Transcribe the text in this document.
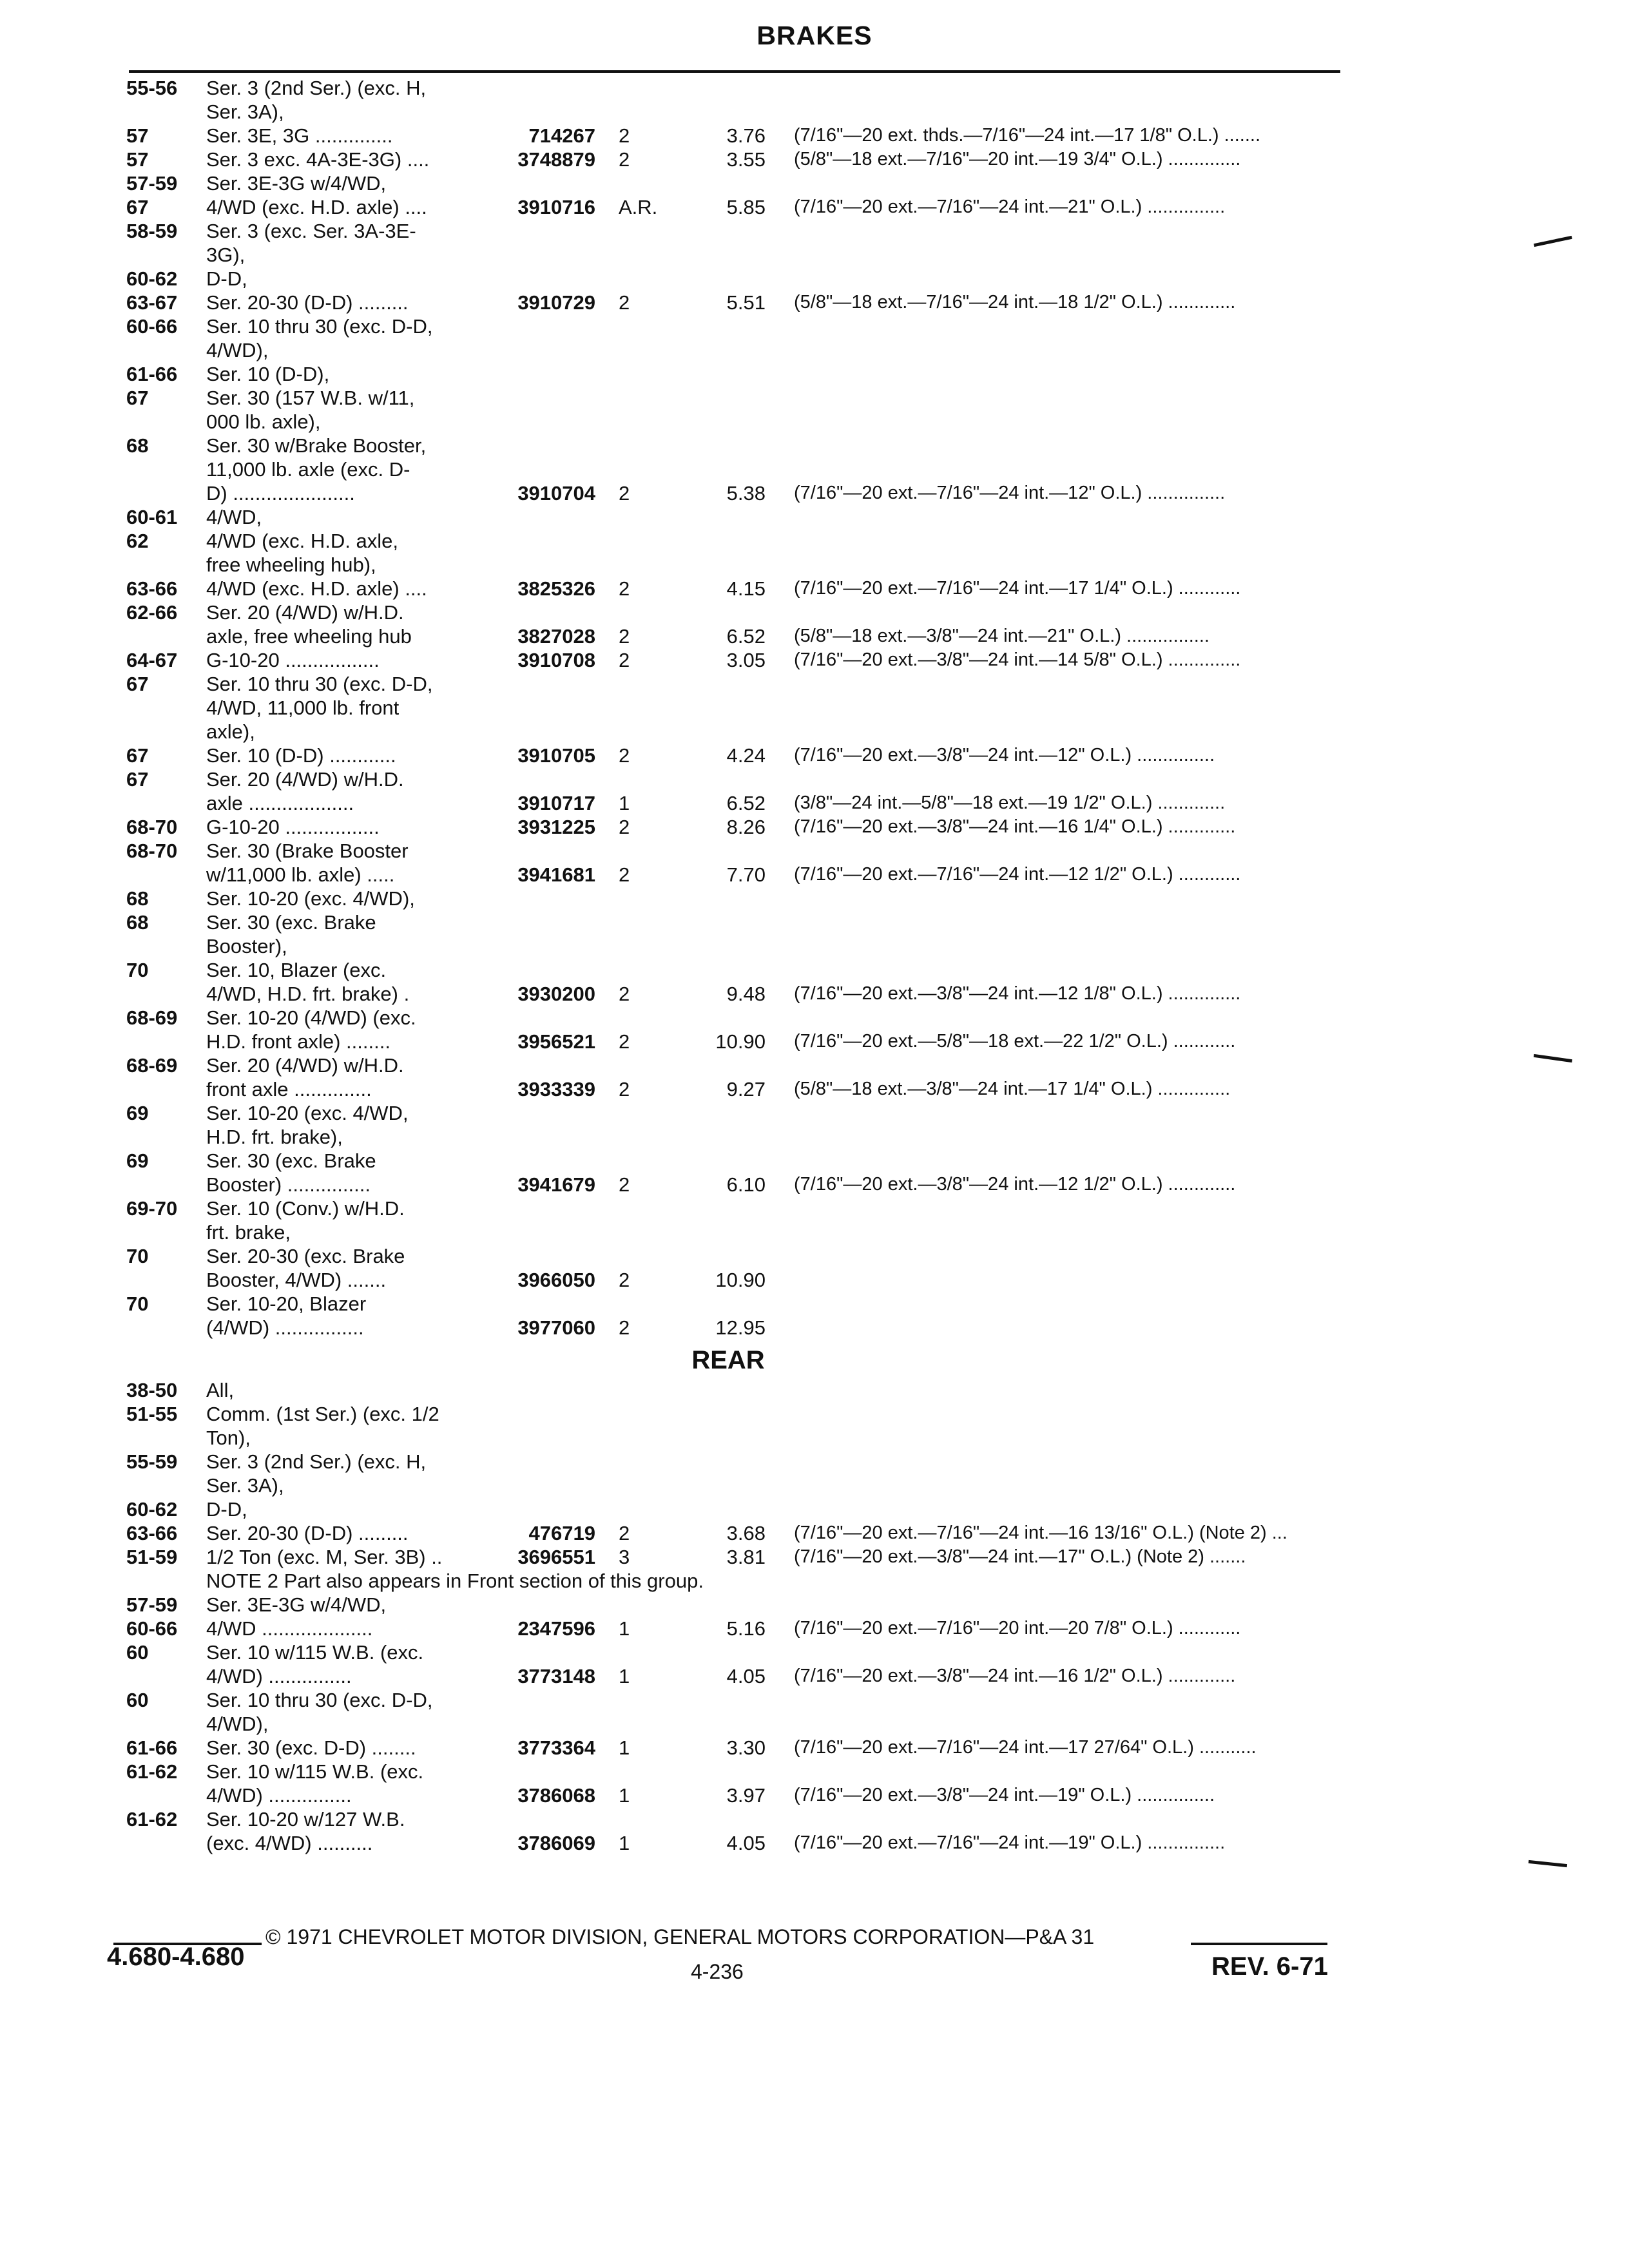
BRAKES
55-56 Ser. 3 (2nd Ser.) (exc. H,
Ser. 3A),
57	Ser. 3E, 3G ..............	714267 2	3.76 (7/16"—20 ext. thds.—7/16"—24 int.—17 1/8" O.L.) .......
57	Ser. 3 exc. 4A-3E-3G) ....	3748879 2	3.55 (5/8"—18 ext.—7/16"—20 int.—19 3/4" O.L.) ..............
57-59 Ser. 3E-3G w/4/WD,
67	4/WD (exc. H.D. axle) ....	3910716 A.R.	5.85 (7/16"—20 ext.—7/16"—24 int.—21" O.L.) ...............
58-59 Ser. 3 (exc. Ser. 3A-3E-
3G),
60-62 D-D,
63-67 Ser. 20-30 (D-D) .........	3910729 2	5.51 (5/8"—18 ext.—7/16"—24 int.—18 1/2" O.L.) .............
60-66 Ser. 10 thru 30 (exc. D-D,
4/WD),
61-66 Ser. 10 (D-D),
67	Ser. 30 (157 W.B. w/11,
000 lb. axle),
68	Ser. 30 w/Brake Booster,
11,000 lb. axle (exc. D-
D) ......................	3910704 2	5.38 (7/16"—20 ext.—7/16"—24 int.—12" O.L.) ...............
60-61 4/WD,
62	4/WD (exc. H.D. axle,
free wheeling hub),
63-66 4/WD (exc. H.D. axle) ....	3825326 2	4.15 (7/16"—20 ext.—7/16"—24 int.—17 1/4" O.L.) ............
62-66 Ser. 20 (4/WD) w/H.D.
axle, free wheeling hub	3827028 2	6.52 (5/8"—18 ext.—3/8"—24 int.—21" O.L.) ................
64-67 G-10-20 .................	3910708 2	3.05 (7/16"—20 ext.—3/8"—24 int.—14 5/8" O.L.) ..............
67	Ser. 10 thru 30 (exc. D-D,
4/WD, 11,000 lb. front
axle),
67	Ser. 10 (D-D) ............	3910705 2	4.24 (7/16"—20 ext.—3/8"—24 int.—12" O.L.) ...............
67	Ser. 20 (4/WD) w/H.D.
axle ...................	3910717 1	6.52 (3/8"—24 int.—5/8"—18 ext.—19 1/2" O.L.) .............
68-70 G-10-20 .................	3931225 2	8.26 (7/16"—20 ext.—3/8"—24 int.—16 1/4" O.L.) .............
68-70 Ser. 30 (Brake Booster
w/11,000 lb. axle) .....	3941681 2	7.70 (7/16"—20 ext.—7/16"—24 int.—12 1/2" O.L.) ............
68	Ser. 10-20 (exc. 4/WD),
68	Ser. 30 (exc. Brake
Booster),
70	Ser. 10, Blazer (exc.
4/WD, H.D. frt. brake) .	3930200 2	9.48 (7/16"—20 ext.—3/8"—24 int.—12 1/8" O.L.) ..............
68-69 Ser. 10-20 (4/WD) (exc.
H.D. front axle) ........	3956521 2	10.90 (7/16"—20 ext.—5/8"—18 ext.—22 1/2" O.L.) ............
68-69 Ser. 20 (4/WD) w/H.D.
front axle ..............	3933339 2	9.27 (5/8"—18 ext.—3/8"—24 int.—17 1/4" O.L.) ..............
69	Ser. 10-20 (exc. 4/WD,
H.D. frt. brake),
69	Ser. 30 (exc. Brake
Booster) ...............	3941679 2	6.10 (7/16"—20 ext.—3/8"—24 int.—12 1/2" O.L.) .............
69-70 Ser. 10 (Conv.) w/H.D.
frt. brake,
70	Ser. 20-30 (exc. Brake
Booster, 4/WD) .......	3966050 2	10.90
70	Ser. 10-20, Blazer
(4/WD) ................	3977060 2	12.95
REAR
38-50 All,
51-55 Comm. (1st Ser.) (exc. 1/2
Ton),
55-59 Ser. 3 (2nd Ser.) (exc. H,
Ser. 3A),
60-62 D-D,
63-66 Ser. 20-30 (D-D) .........	476719 2	3.68 (7/16"—20 ext.—7/16"—24 int.—16 13/16" O.L.) (Note 2) ...
51-59 1/2 Ton (exc. M, Ser. 3B) ..	3696551 3	3.81 (7/16"—20 ext.—3/8"—24 int.—17" O.L.) (Note 2) .......
NOTE 2 Part also appears in Front section of this group.
57-59 Ser. 3E-3G w/4/WD,
60-66 4/WD ....................	2347596 1	5.16 (7/16"—20 ext.—7/16"—20 int.—20 7/8" O.L.) ............
60	Ser. 10 w/115 W.B. (exc.
4/WD) ...............	3773148 1	4.05 (7/16"—20 ext.—3/8"—24 int.—16 1/2" O.L.) .............
60	Ser. 10 thru 30 (exc. D-D,
4/WD),
61-66 Ser. 30 (exc. D-D) ........	3773364 1	3.30 (7/16"—20 ext.—7/16"—24 int.—17 27/64" O.L.) ...........
61-62 Ser. 10 w/115 W.B. (exc.
4/WD) ...............	3786068 1	3.97 (7/16"—20 ext.—3/8"—24 int.—19" O.L.) ...............
61-62 Ser. 10-20 w/127 W.B.
(exc. 4/WD) ..........	3786069 1	4.05 (7/16"—20 ext.—7/16"—24 int.—19" O.L.) ...............
© 1971 CHEVROLET MOTOR DIVISION, GENERAL MOTORS CORPORATION—P&A 31
4.680-4.680
4-236	REV. 6-71
